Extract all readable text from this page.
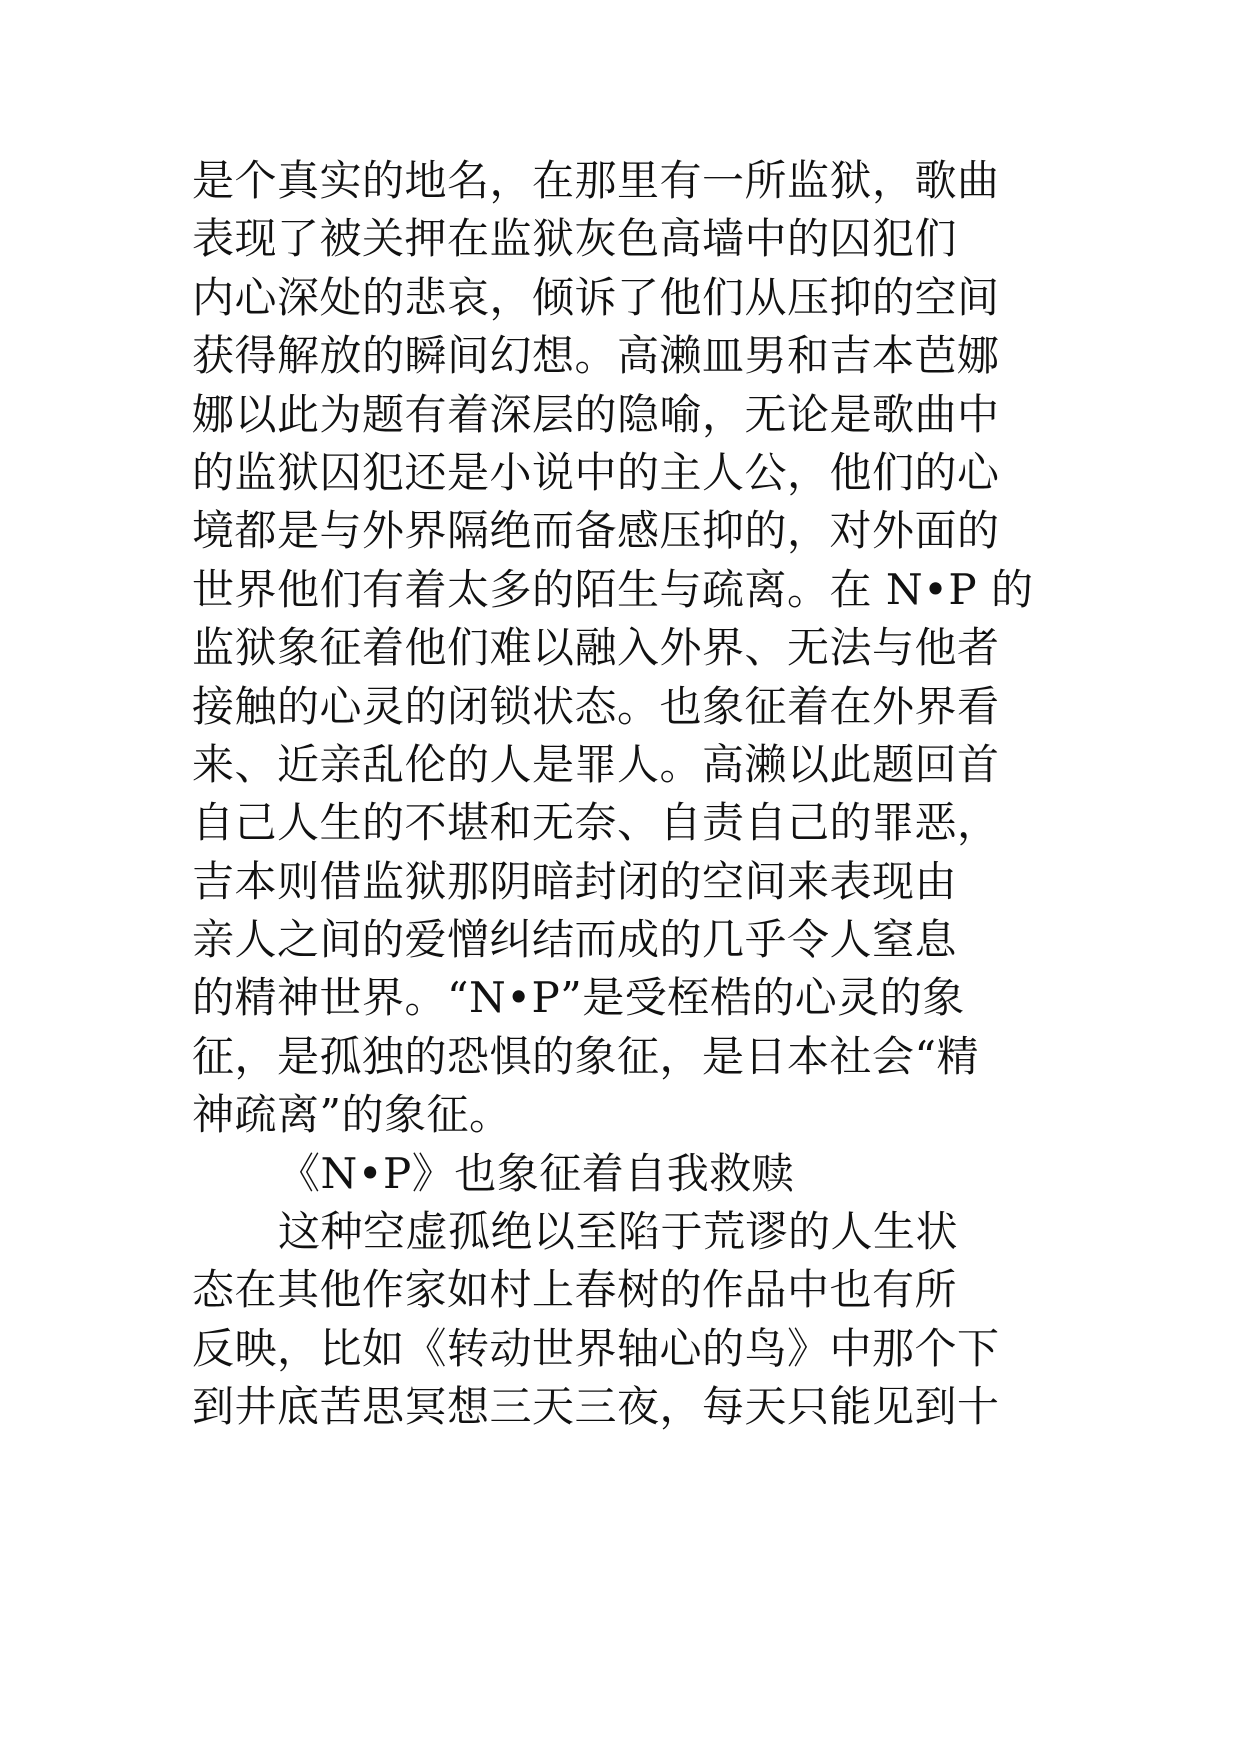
是个真实的地名，在那里有一所监狱，歌曲
表现了被关押在监狱灰色高墙中的囚犯们
内心深处的悲哀，倾诉了他们从压抑的空间
获得解放的瞬间幻想。高濑皿男和吉本芭娜
娜以此为题有着深层的隐喻，无论是歌曲中
的监狱囚犯还是小说中的主人公，他们的心
境都是与外界隔绝而备感压抑的，对外面的
世界他们有着太多的陌生与疏离。在 N•P 的
监狱象征着他们难以融入外界、无法与他者
接触的心灵的闭锁状态。也象征着在外界看
来、近亲乱伦的人是罪人。高濑以此题回首
自己人生的不堪和无奈、自责自己的罪恶，
吉本则借监狱那阴暗封闭的空间来表现由
亲人之间的爱憎纠结而成的几乎令人窒息
的精神世界。“N•P”是受桎梏的心灵的象
征，是孤独的恐惧的象征，是日本社会“精
神疏离”的象征。
《N•P》也象征着自我救赎
这种空虚孤绝以至陷于荒谬的人生状
态在其他作家如村上春树的作品中也有所
反映，比如《转动世界轴心的鸟》中那个下
到井底苦思冥想三天三夜，每天只能见到十
